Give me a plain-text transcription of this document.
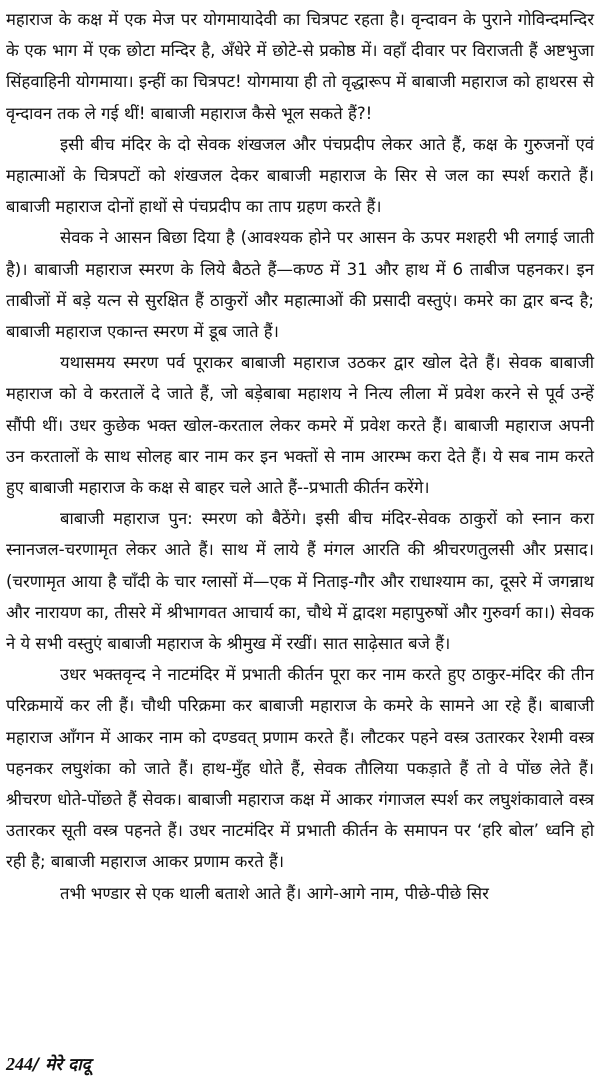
महाराज के कक्ष में एक मेज पर योगमायादेवी का चित्रपट रहता है। वृन्दावन के पुराने गोविन्दमन्दिर के एक भाग में एक छोटा मन्दिर है, अँधेरे में छोटे-से प्रकोष्ठ में। वहाँ दीवार पर विराजती हैं अष्टभुजा सिंहवाहिनी योगमाया। इन्हीं का चित्रपट! योगमाया ही तो वृद्धारूप में बाबाजी महाराज को हाथरस से वृन्दावन तक ले गई थीं! बाबाजी महाराज कैसे भूल सकते हैं?!

इसी बीच मंदिर के दो सेवक शंखजल और पंचप्रदीप लेकर आते हैं, कक्ष के गुरुजनों एवं महात्माओं के चित्रपटों को शंखजल देकर बाबाजी महाराज के सिर से जल का स्पर्श कराते हैं। बाबाजी महाराज दोनों हाथों से पंचप्रदीप का ताप ग्रहण करते हैं।

सेवक ने आसन बिछा दिया है (आवश्यक होने पर आसन के ऊपर मशहरी भी लगाई जाती है)। बाबाजी महाराज स्मरण के लिये बैठते हैं—कण्ठ में 31 और हाथ में 6 ताबीज पहनकर। इन ताबीजों में बड़े यत्न से सुरक्षित हैं ठाकुरों और महात्माओं की प्रसादी वस्तुएं। कमरे का द्वार बन्द है; बाबाजी महाराज एकान्त स्मरण में डूब जाते हैं।

यथासमय स्मरण पर्व पूराकर बाबाजी महाराज उठकर द्वार खोल देते हैं। सेवक बाबाजी महाराज को वे करतालें दे जाते हैं, जो बड़ेबाबा महाशय ने नित्य लीला में प्रवेश करने से पूर्व उन्हें सौंपी थीं। उधर कुछेक भक्त खोल-करताल लेकर कमरे में प्रवेश करते हैं। बाबाजी महाराज अपनी उन करतालों के साथ सोलह बार नाम कर इन भक्तों से नाम आरम्भ करा देते हैं। ये सब नाम करते हुए बाबाजी महाराज के कक्ष से बाहर चले आते हैं--प्रभाती कीर्तन करेंगे।

बाबाजी महाराज पुन: स्मरण को बैठेंगे। इसी बीच मंदिर-सेवक ठाकुरों को स्नान करा स्नानजल-चरणामृत लेकर आते हैं। साथ में लाये हैं मंगल आरति की श्रीचरणतुलसी और प्रसाद। (चरणामृत आया है चाँदी के चार ग्लासों में—एक में निताइ-गौर और राधाश्याम का, दूसरे में जगन्नाथ और नारायण का, तीसरे में श्रीभागवत आचार्य का, चौथे में द्वादश महापुरुषों और गुरुवर्ग का।) सेवक ने ये सभी वस्तुएं बाबाजी महाराज के श्रीमुख में रखीं। सात साढ़ेसात बजे हैं।

उधर भक्तवृन्द ने नाटमंदिर में प्रभाती कीर्तन पूरा कर नाम करते हुए ठाकुर-मंदिर की तीन परिक्रमायें कर ली हैं। चौथी परिक्रमा कर बाबाजी महाराज के कमरे के सामने आ रहे हैं। बाबाजी महाराज आँगन में आकर नाम को दण्डवत् प्रणाम करते हैं। लौटकर पहने वस्त्र उतारकर रेशमी वस्त्र पहनकर लघुशंका को जाते हैं। हाथ-मुँह धोते हैं, सेवक तौलिया पकड़ाते हैं तो वे पोंछ लेते हैं। श्रीचरण धोते-पोंछते हैं सेवक। बाबाजी महाराज कक्ष में आकर गंगाजल स्पर्श कर लघुशंकावाले वस्त्र उतारकर सूती वस्त्र पहनते हैं। उधर नाटमंदिर में प्रभाती कीर्तन के समापन पर ‘हरि बोल’ ध्वनि हो रही है; बाबाजी महाराज आकर प्रणाम करते हैं।

तभी भण्डार से एक थाली बताशे आते हैं। आगे-आगे नाम, पीछे-पीछे सिर

244/ मेरे दादू
